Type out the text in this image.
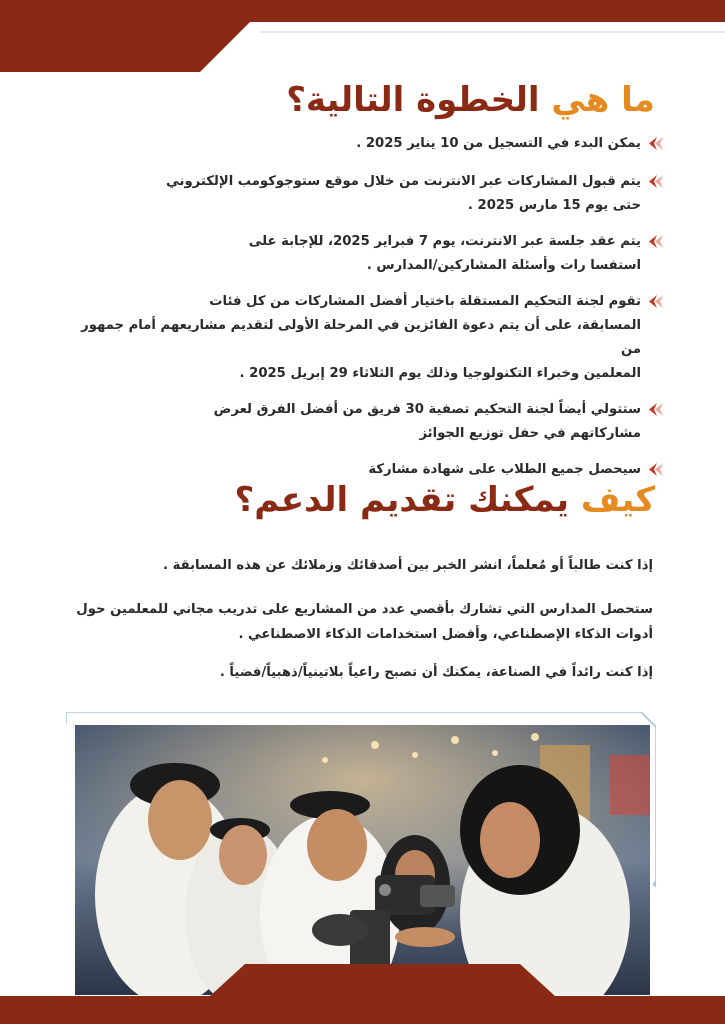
ما هي الخطوة التالية؟
يمكن البدء في التسجيل من 10 يناير 2025 .
يتم قبول المشاركات عبر الانترنت من خلال موقع ستوجوكومب الإلكتروني
حتى يوم 15 مارس 2025 .
يتم عقد جلسة عبر الانترنت، يوم 7 فبراير 2025، للإجابة على
استفسا رات وأسئلة المشاركين/المدارس .
تقوم لجنة التحكيم المستقلة باختيار أفضل المشاركات من كل فئات
المسابقة، على أن يتم دعوة الفائزين في المرحلة الأولى لتقديم مشاريعهم أمام جمهور من
المعلمين وخبراء التكنولوجيا وذلك يوم الثلاثاء 29 إبريل 2025 .
ستتولي أيضاً لجنة التحكيم تصفية 30 فريق من أفضل الفرق لعرض
مشاركاتهم في حفل توزيع الجوائز
سيحصل جميع الطلاب على شهادة مشاركة
كيف يمكنك تقديم الدعم؟

إذا كنت طالباً أو مُعلماً، انشر الخبر بين أصدقائك وزملائك عن هذه المسابقة .

ستحصل المدارس التي تشارك بأقصي عدد من المشاريع على تدريب مجاني للمعلمين حول
أدوات الذكاء الإصطناعي، وأفضل استخدامات الذكاء الاصطناعي .

إذا كنت رائداً في الصناعة، يمكنك أن تصبح راعياً بلاتينياً/ذهبياً/فضياً .
